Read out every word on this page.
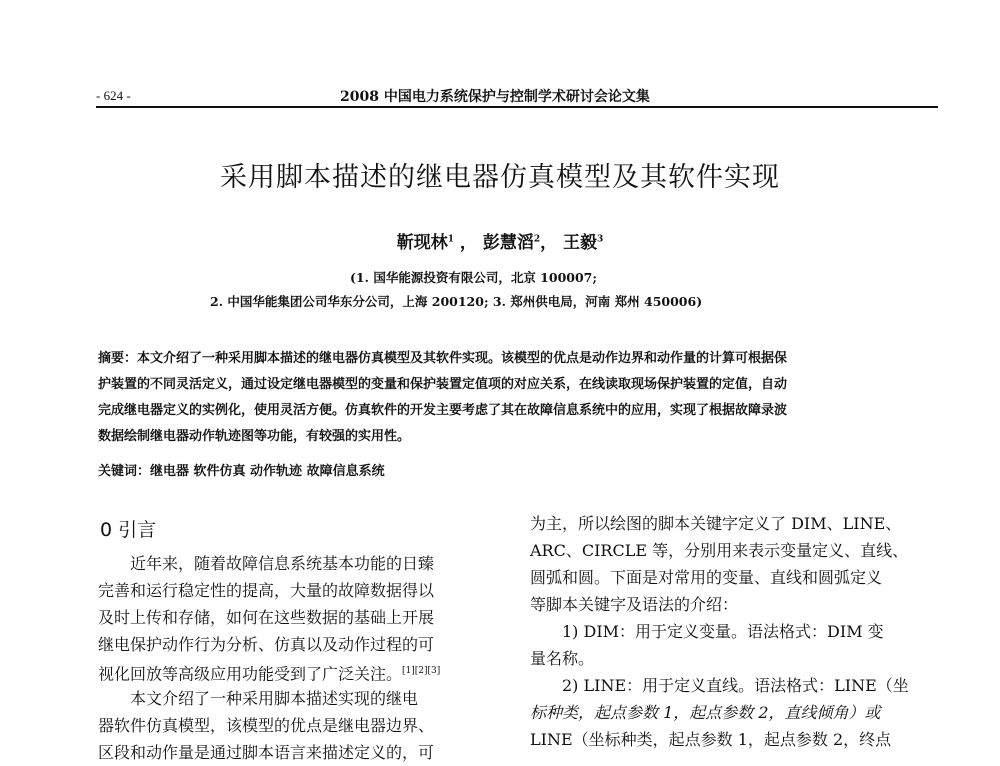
- 624 -	2008 中国电力系统保护与控制学术研讨会论文集
采用脚本描述的继电器仿真模型及其软件实现
靳现林$^1$ ， 彭慧滔$^2$， 王毅$^3$
(1. 国华能源投资有限公司，北京 100007;
2. 中国华能集团公司华东分公司，上海 200120; 3. 郑州供电局，河南 郑州 450006)
摘要：本文介绍了一种采用脚本描述的继电器仿真模型及其软件实现。该模型的优点是动作边界和动作量的计算可根据保
护装置的不同灵活定义，通过设定继电器模型的变量和保护装置定值项的对应关系，在线读取现场保护装置的定值，自动
完成继电器定义的实例化，使用灵活方便。仿真软件的开发主要考虑了其在故障信息系统中的应用，实现了根据故障录波
数据绘制继电器动作轨迹图等功能，有较强的实用性。
关键词：继电器 软件仿真 动作轨迹 故障信息系统
0 引言
近年来，随着故障信息系统基本功能的日臻
完善和运行稳定性的提高，大量的故障数据得以
及时上传和存储，如何在这些数据的基础上开展
继电保护动作行为分析、仿真以及动作过程的可
视化回放等高级应用功能受到了广泛关注。[1][2][3]
本文介绍了一种采用脚本描述实现的继电
器软件仿真模型，该模型的优点是继电器边界、
区段和动作量是通过脚本语言来描述定义的，可
为主，所以绘图的脚本关键字定义了 DIM、LINE、
ARC、CIRCLE 等，分别用来表示变量定义、直线、
圆弧和圆。下面是对常用的变量、直线和圆弧定义
等脚本关键字及语法的介绍：
1) DIM：用于定义变量。语法格式：DIM 变
量名称。
2) LINE：用于定义直线。语法格式：LINE（坐
标种类，起点参数 1，起点参数 2，直线倾角）或
LINE（坐标种类，起点参数 1，起点参数 2，终点
